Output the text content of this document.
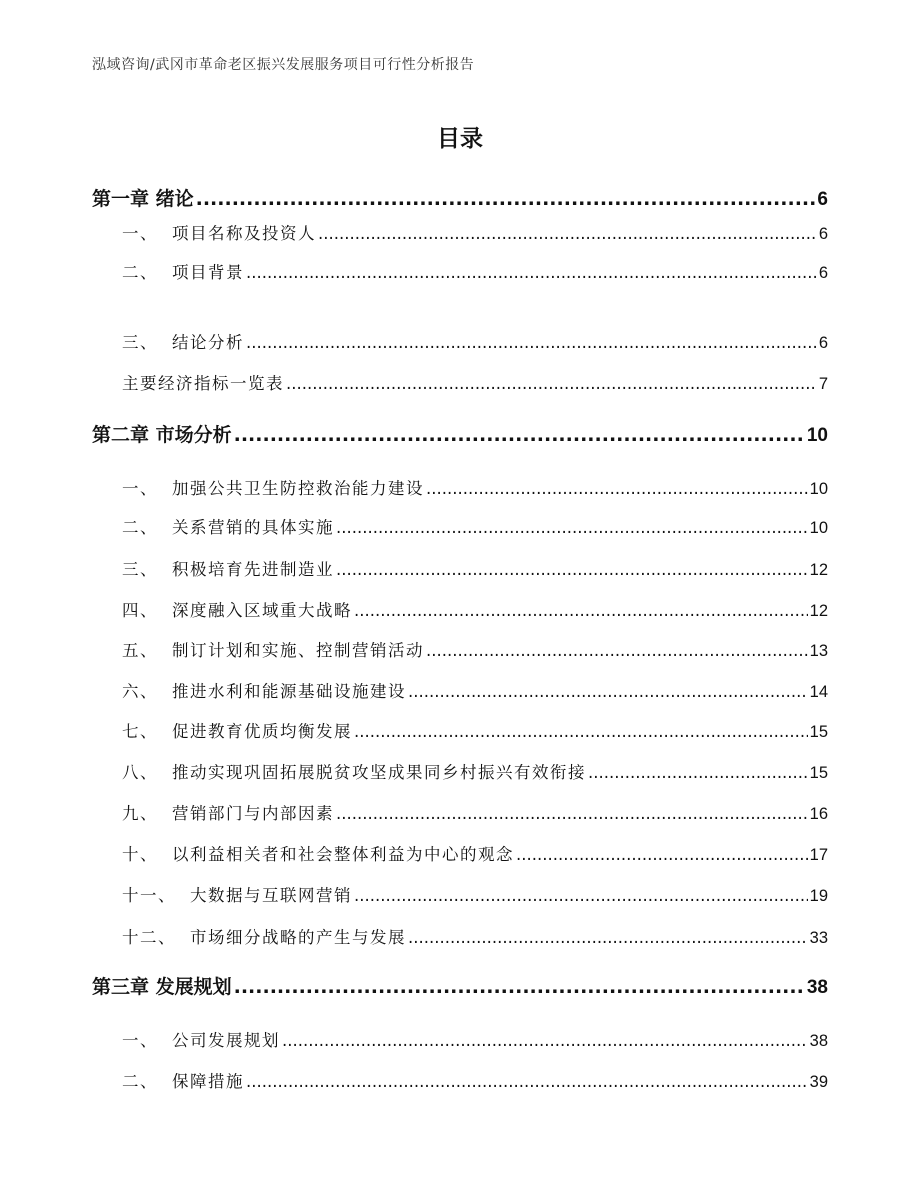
泓域咨询/武冈市革命老区振兴发展服务项目可行性分析报告
目录
第一章 绪论 .....	6
一、 项目名称及投资人 .....	6
二、 项目背景 .....	6
三、 结论分析 .....	6
主要经济指标一览表 .....	7
第二章 市场分析 .....	10
一、 加强公共卫生防控救治能力建设 .....	10
二、 关系营销的具体实施 .....	10
三、 积极培育先进制造业 .....	12
四、 深度融入区域重大战略 .....	12
五、 制订计划和实施、控制营销活动 .....	13
六、 推进水利和能源基础设施建设 .....	14
七、 促进教育优质均衡发展 .....	15
八、 推动实现巩固拓展脱贫攻坚成果同乡村振兴有效衔接 .....	15
九、 营销部门与内部因素 .....	16
十、 以利益相关者和社会整体利益为中心的观念 .....	17
十一、 大数据与互联网营销 .....	19
十二、 市场细分战略的产生与发展 .....	33
第三章 发展规划 .....	38
一、 公司发展规划 .....	38
二、 保障措施 .....	39
